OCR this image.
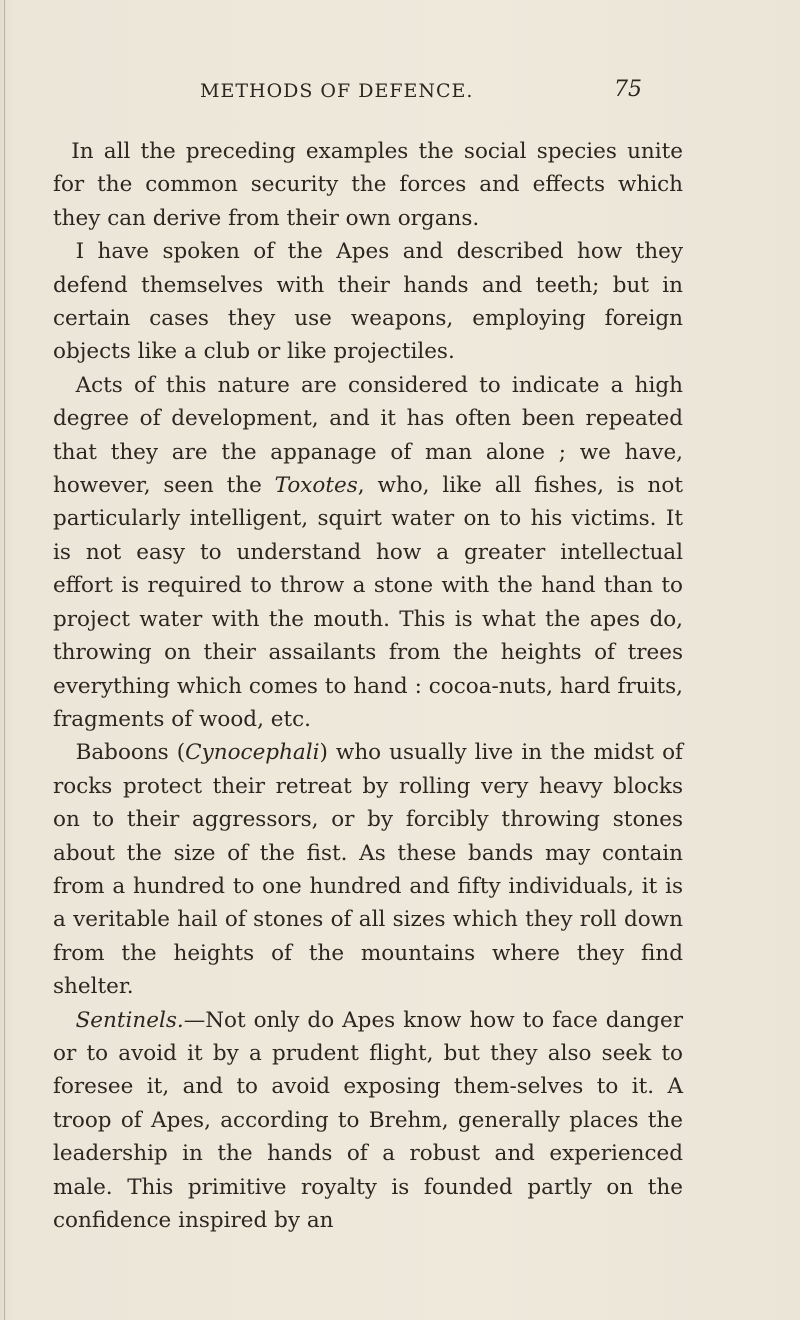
METHODS OF DEFENCE.	75

In all the preceding examples the social species unite for the common security the forces and effects which they can derive from their own organs.

I have spoken of the Apes and described how they defend themselves with their hands and teeth; but in certain cases they use weapons, employing foreign objects like a club or like projectiles.

Acts of this nature are considered to indicate a high degree of development, and it has often been repeated that they are the appanage of man alone ; we have, however, seen the Toxotes, who, like all fishes, is not particularly intelligent, squirt water on to his victims. It is not easy to understand how a greater intellectual effort is required to throw a stone with the hand than to project water with the mouth. This is what the apes do, throwing on their assailants from the heights of trees everything which comes to hand : cocoa-nuts, hard fruits, fragments of wood, etc.

Baboons (Cynocephali) who usually live in the midst of rocks protect their retreat by rolling very heavy blocks on to their aggressors, or by forcibly throwing stones about the size of the fist. As these bands may contain from a hundred to one hundred and fifty individuals, it is a veritable hail of stones of all sizes which they roll down from the heights of the mountains where they find shelter.

Sentinels.—Not only do Apes know how to face danger or to avoid it by a prudent flight, but they also seek to foresee it, and to avoid exposing them-selves to it. A troop of Apes, according to Brehm, generally places the leadership in the hands of a robust and experienced male. This primitive royalty is founded partly on the confidence inspired by an
